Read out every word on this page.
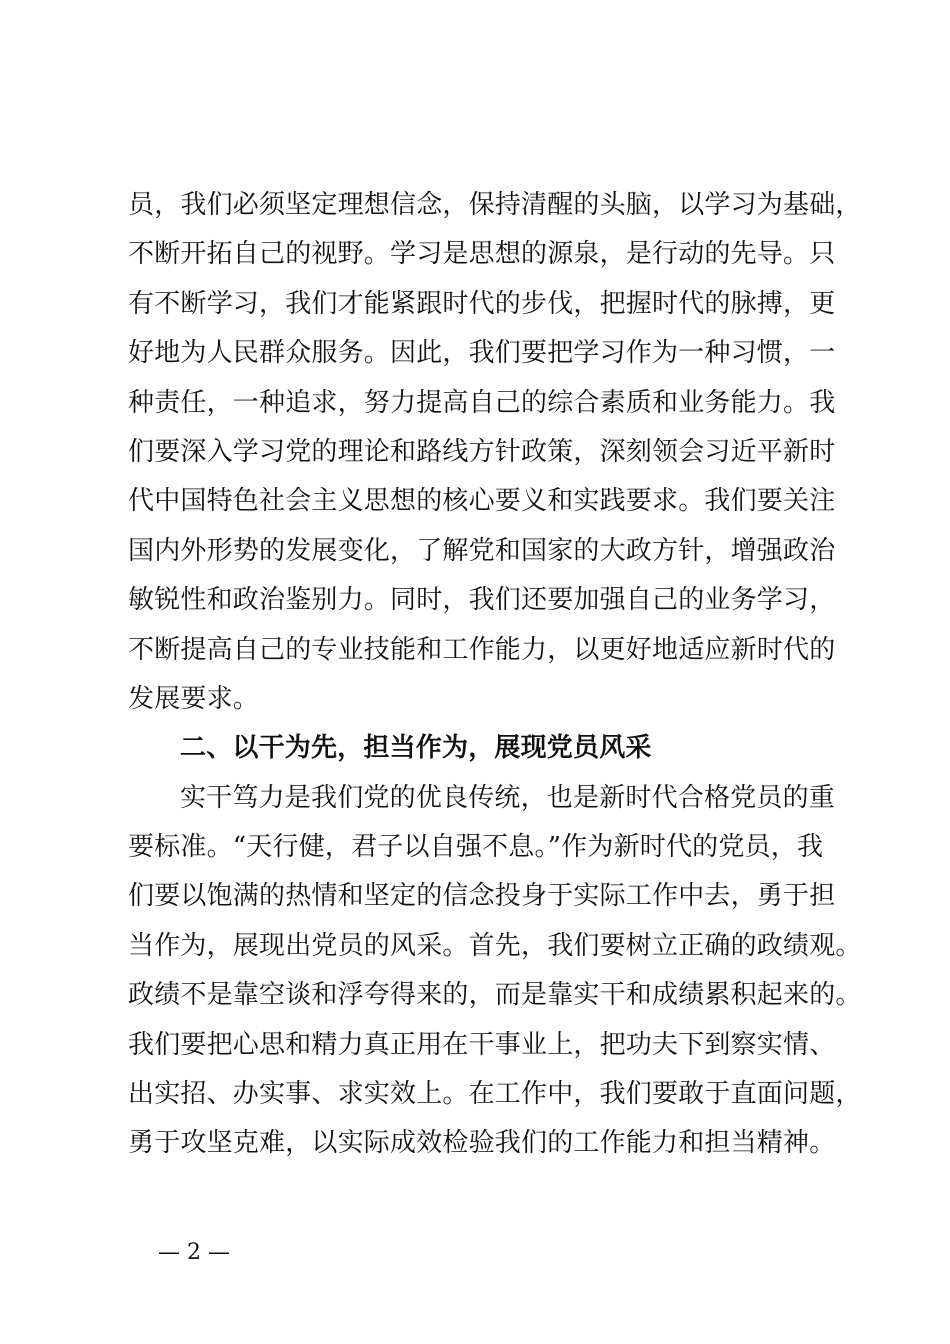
员，我们必须坚定理想信念，保持清醒的头脑，以学习为基础，
不断开拓自己的视野。学习是思想的源泉，是行动的先导。只
有不断学习，我们才能紧跟时代的步伐，把握时代的脉搏，更
好地为人民群众服务。因此，我们要把学习作为一种习惯，一
种责任，一种追求，努力提高自己的综合素质和业务能力。我
们要深入学习党的理论和路线方针政策，深刻领会习近平新时
代中国特色社会主义思想的核心要义和实践要求。我们要关注
国内外形势的发展变化，了解党和国家的大政方针，增强政治
敏锐性和政治鉴别力。同时，我们还要加强自己的业务学习，
不断提高自己的专业技能和工作能力，以更好地适应新时代的
发展要求。
二、以干为先，担当作为，展现党员风采
实干笃力是我们党的优良传统，也是新时代合格党员的重
要标准。“天行健，君子以自强不息。”作为新时代的党员，我
们要以饱满的热情和坚定的信念投身于实际工作中去，勇于担
当作为，展现出党员的风采。首先，我们要树立正确的政绩观。
政绩不是靠空谈和浮夸得来的，而是靠实干和成绩累积起来的。
我们要把心思和精力真正用在干事业上，把功夫下到察实情、
出实招、办实事、求实效上。在工作中，我们要敢于直面问题，
勇于攻坚克难，以实际成效检验我们的工作能力和担当精神。
— 2 —
